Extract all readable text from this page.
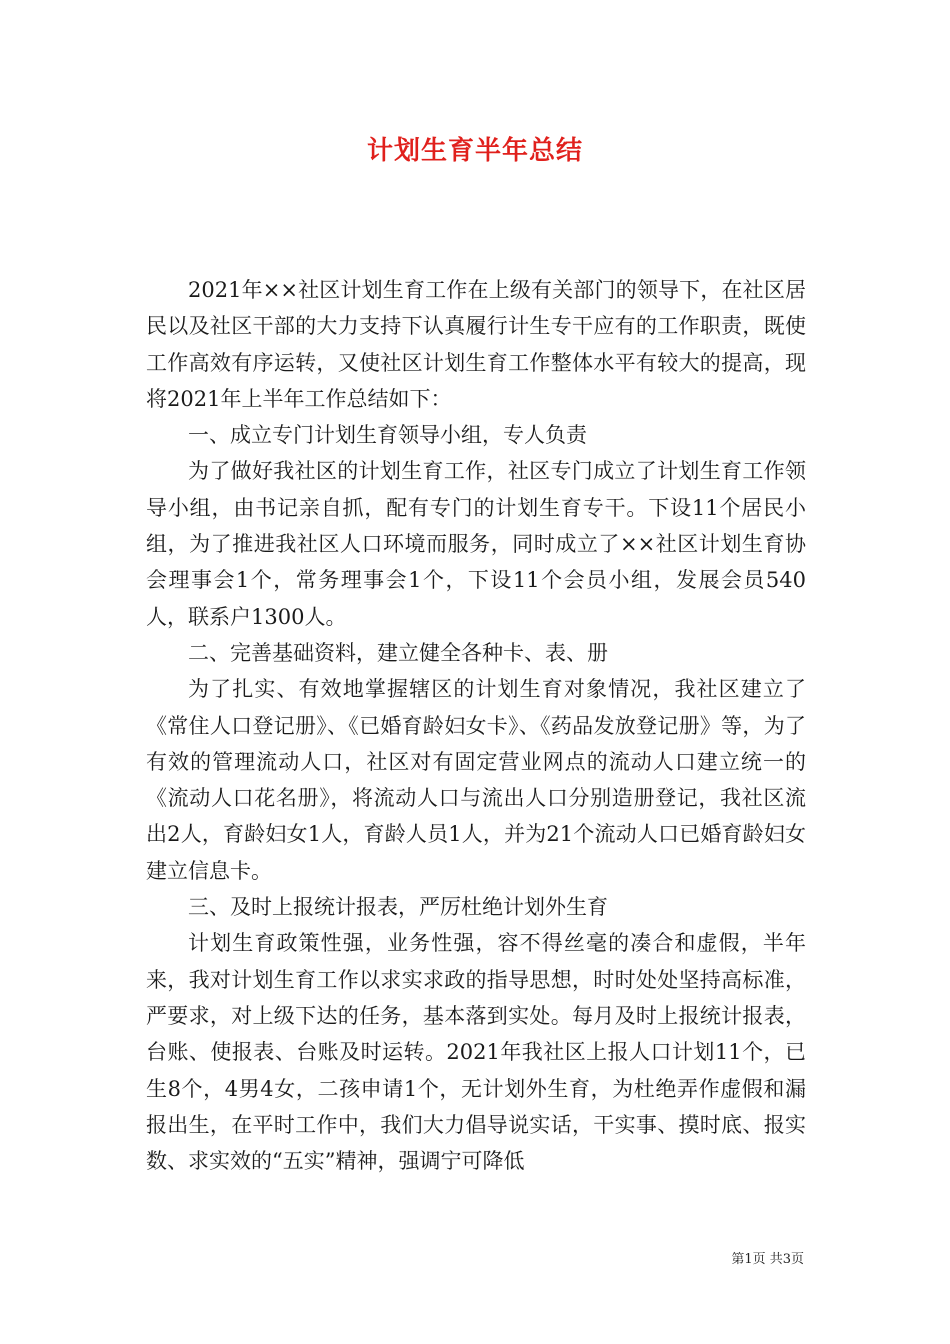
计划生育半年总结

2021年××社区计划生育工作在上级有关部门的领导下，在社区居民以及社区干部的大力支持下认真履行计生专干应有的工作职责，既使工作高效有序运转，又使社区计划生育工作整体水平有较大的提高，现将2021年上半年工作总结如下：

一、成立专门计划生育领导小组，专人负责

为了做好我社区的计划生育工作，社区专门成立了计划生育工作领导小组，由书记亲自抓，配有专门的计划生育专干。下设11个居民小组，为了推进我社区人口环境而服务，同时成立了××社区计划生育协会理事会1个，常务理事会1个，下设11个会员小组，发展会员540人，联系户1300人。

二、完善基础资料，建立健全各种卡、表、册

为了扎实、有效地掌握辖区的计划生育对象情况，我社区建立了《常住人口登记册》、《已婚育龄妇女卡》、《药品发放登记册》等，为了有效的管理流动人口，社区对有固定营业网点的流动人口建立统一的《流动人口花名册》，将流动人口与流出人口分别造册登记，我社区流出2人，育龄妇女1人，育龄人员1人，并为21个流动人口已婚育龄妇女建立信息卡。

三、及时上报统计报表，严厉杜绝计划外生育

计划生育政策性强，业务性强，容不得丝毫的凑合和虚假，半年来，我对计划生育工作以求实求政的指导思想，时时处处坚持高标准，严要求，对上级下达的任务，基本落到实处。每月及时上报统计报表，台账、使报表、台账及时运转。2021年我社区上报人口计划11个，已生8个，4男4女，二孩申请1个，无计划外生育，为杜绝弄作虚假和漏报出生，在平时工作中，我们大力倡导说实话，干实事、摸时底、报实数、求实效的“五实”精神，强调宁可降低

第1页 共3页
